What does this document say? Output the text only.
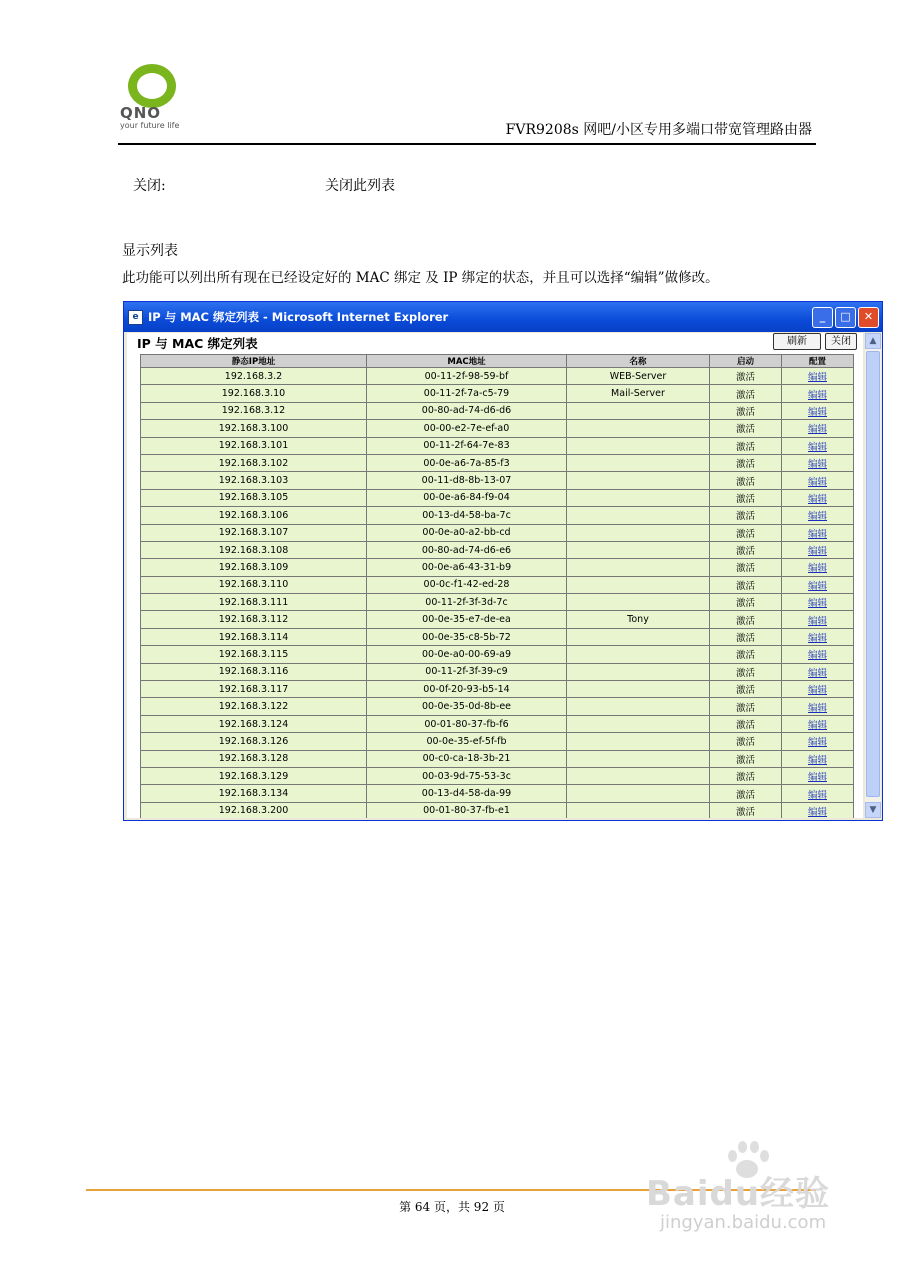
QNO
your future life	FVR9208s 网吧/小区专用多端口带宽管理路由器
关闭:	关闭此列表
显示列表
此功能可以列出所有现在已经设定好的 MAC 绑定 及 IP 绑定的状态，并且可以选择“编辑”做修改。
e IP 与 MAC 绑定列表 - Microsoft Internet Explorer	_	□	✕
IP 与 MAC 绑定列表	刷新	关闭
静态IP地址	MAC地址	名称	启动	配置
192.168.3.2	00-11-2f-98-59-bf	WEB-Server	激活	编辑
192.168.3.10	00-11-2f-7a-c5-79	Mail-Server	激活	编辑
192.168.3.12	00-80-ad-74-d6-d6		激活	编辑
192.168.3.100	00-00-e2-7e-ef-a0		激活	编辑
192.168.3.101	00-11-2f-64-7e-83		激活	编辑
192.168.3.102	00-0e-a6-7a-85-f3		激活	编辑
192.168.3.103	00-11-d8-8b-13-07		激活	编辑
192.168.3.105	00-0e-a6-84-f9-04		激活	编辑
192.168.3.106	00-13-d4-58-ba-7c		激活	编辑
192.168.3.107	00-0e-a0-a2-bb-cd		激活	编辑
192.168.3.108	00-80-ad-74-d6-e6		激活	编辑
192.168.3.109	00-0e-a6-43-31-b9		激活	编辑
192.168.3.110	00-0c-f1-42-ed-28		激活	编辑
192.168.3.111	00-11-2f-3f-3d-7c		激活	编辑
192.168.3.112	00-0e-35-e7-de-ea	Tony	激活	编辑
192.168.3.114	00-0e-35-c8-5b-72		激活	编辑
192.168.3.115	00-0e-a0-00-69-a9		激活	编辑
192.168.3.116	00-11-2f-3f-39-c9		激活	编辑
192.168.3.117	00-0f-20-93-b5-14		激活	编辑
192.168.3.122	00-0e-35-0d-8b-ee		激活	编辑
192.168.3.124	00-01-80-37-fb-f6		激活	编辑
192.168.3.126	00-0e-35-ef-5f-fb		激活	编辑
192.168.3.128	00-c0-ca-18-3b-21		激活	编辑
192.168.3.129	00-03-9d-75-53-3c		激活	编辑
192.168.3.134	00-13-d4-58-da-99		激活	编辑
192.168.3.200	00-01-80-37-fb-e1		激活	编辑
▲
▼
第 64 页，共 92 页	Baidu经验
jingyan.baidu.com
